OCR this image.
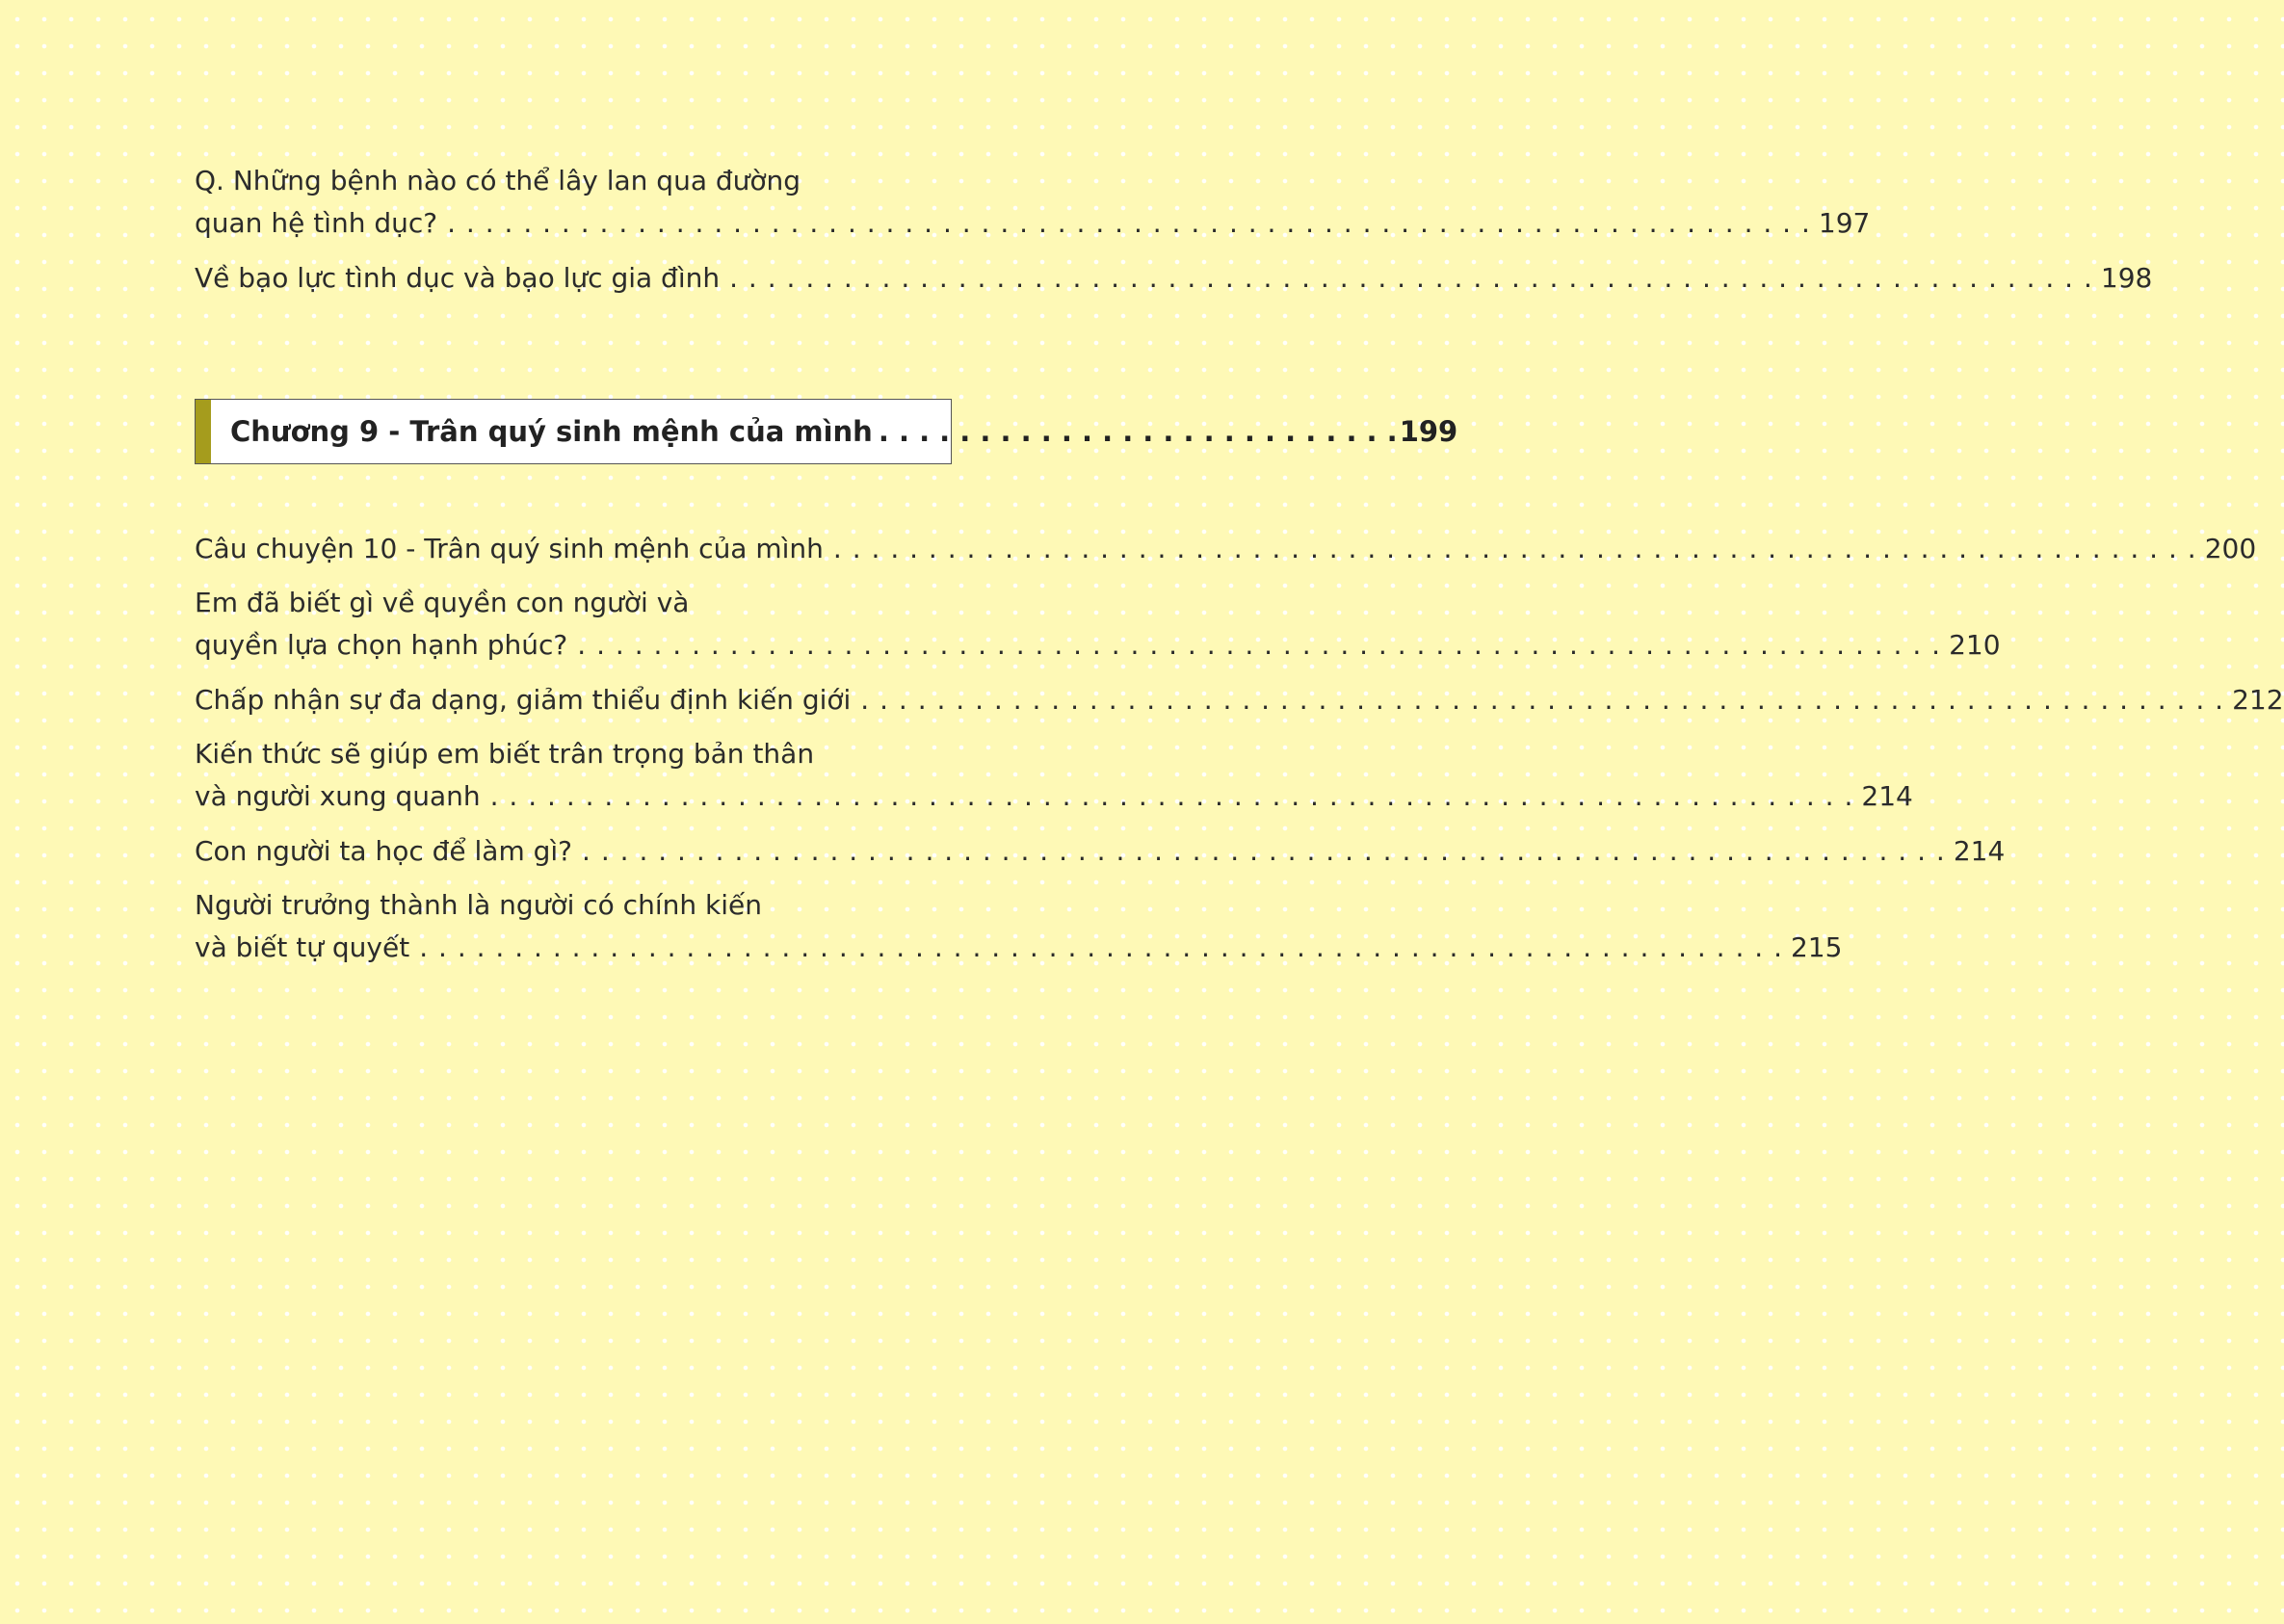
Q. Những bệnh nào có thể lây lan qua đường
quan hệ tình dục? . . .	197
Về bạo lực tình dục và bạo lực gia đình . . .	198
Chương 9 - Trân quý sinh mệnh của mình . . .	199
Câu chuyện 10 - Trân quý sinh mệnh của mình . . .	200
Em đã biết gì về quyền con người và
quyền lựa chọn hạnh phúc? . . .	210
Chấp nhận sự đa dạng, giảm thiểu định kiến giới . . .	212
Kiến thức sẽ giúp em biết trân trọng bản thân
và người xung quanh . . .	214
Con người ta học để làm gì? . . .	214
Người trưởng thành là người có chính kiến
và biết tự quyết . . .	215
